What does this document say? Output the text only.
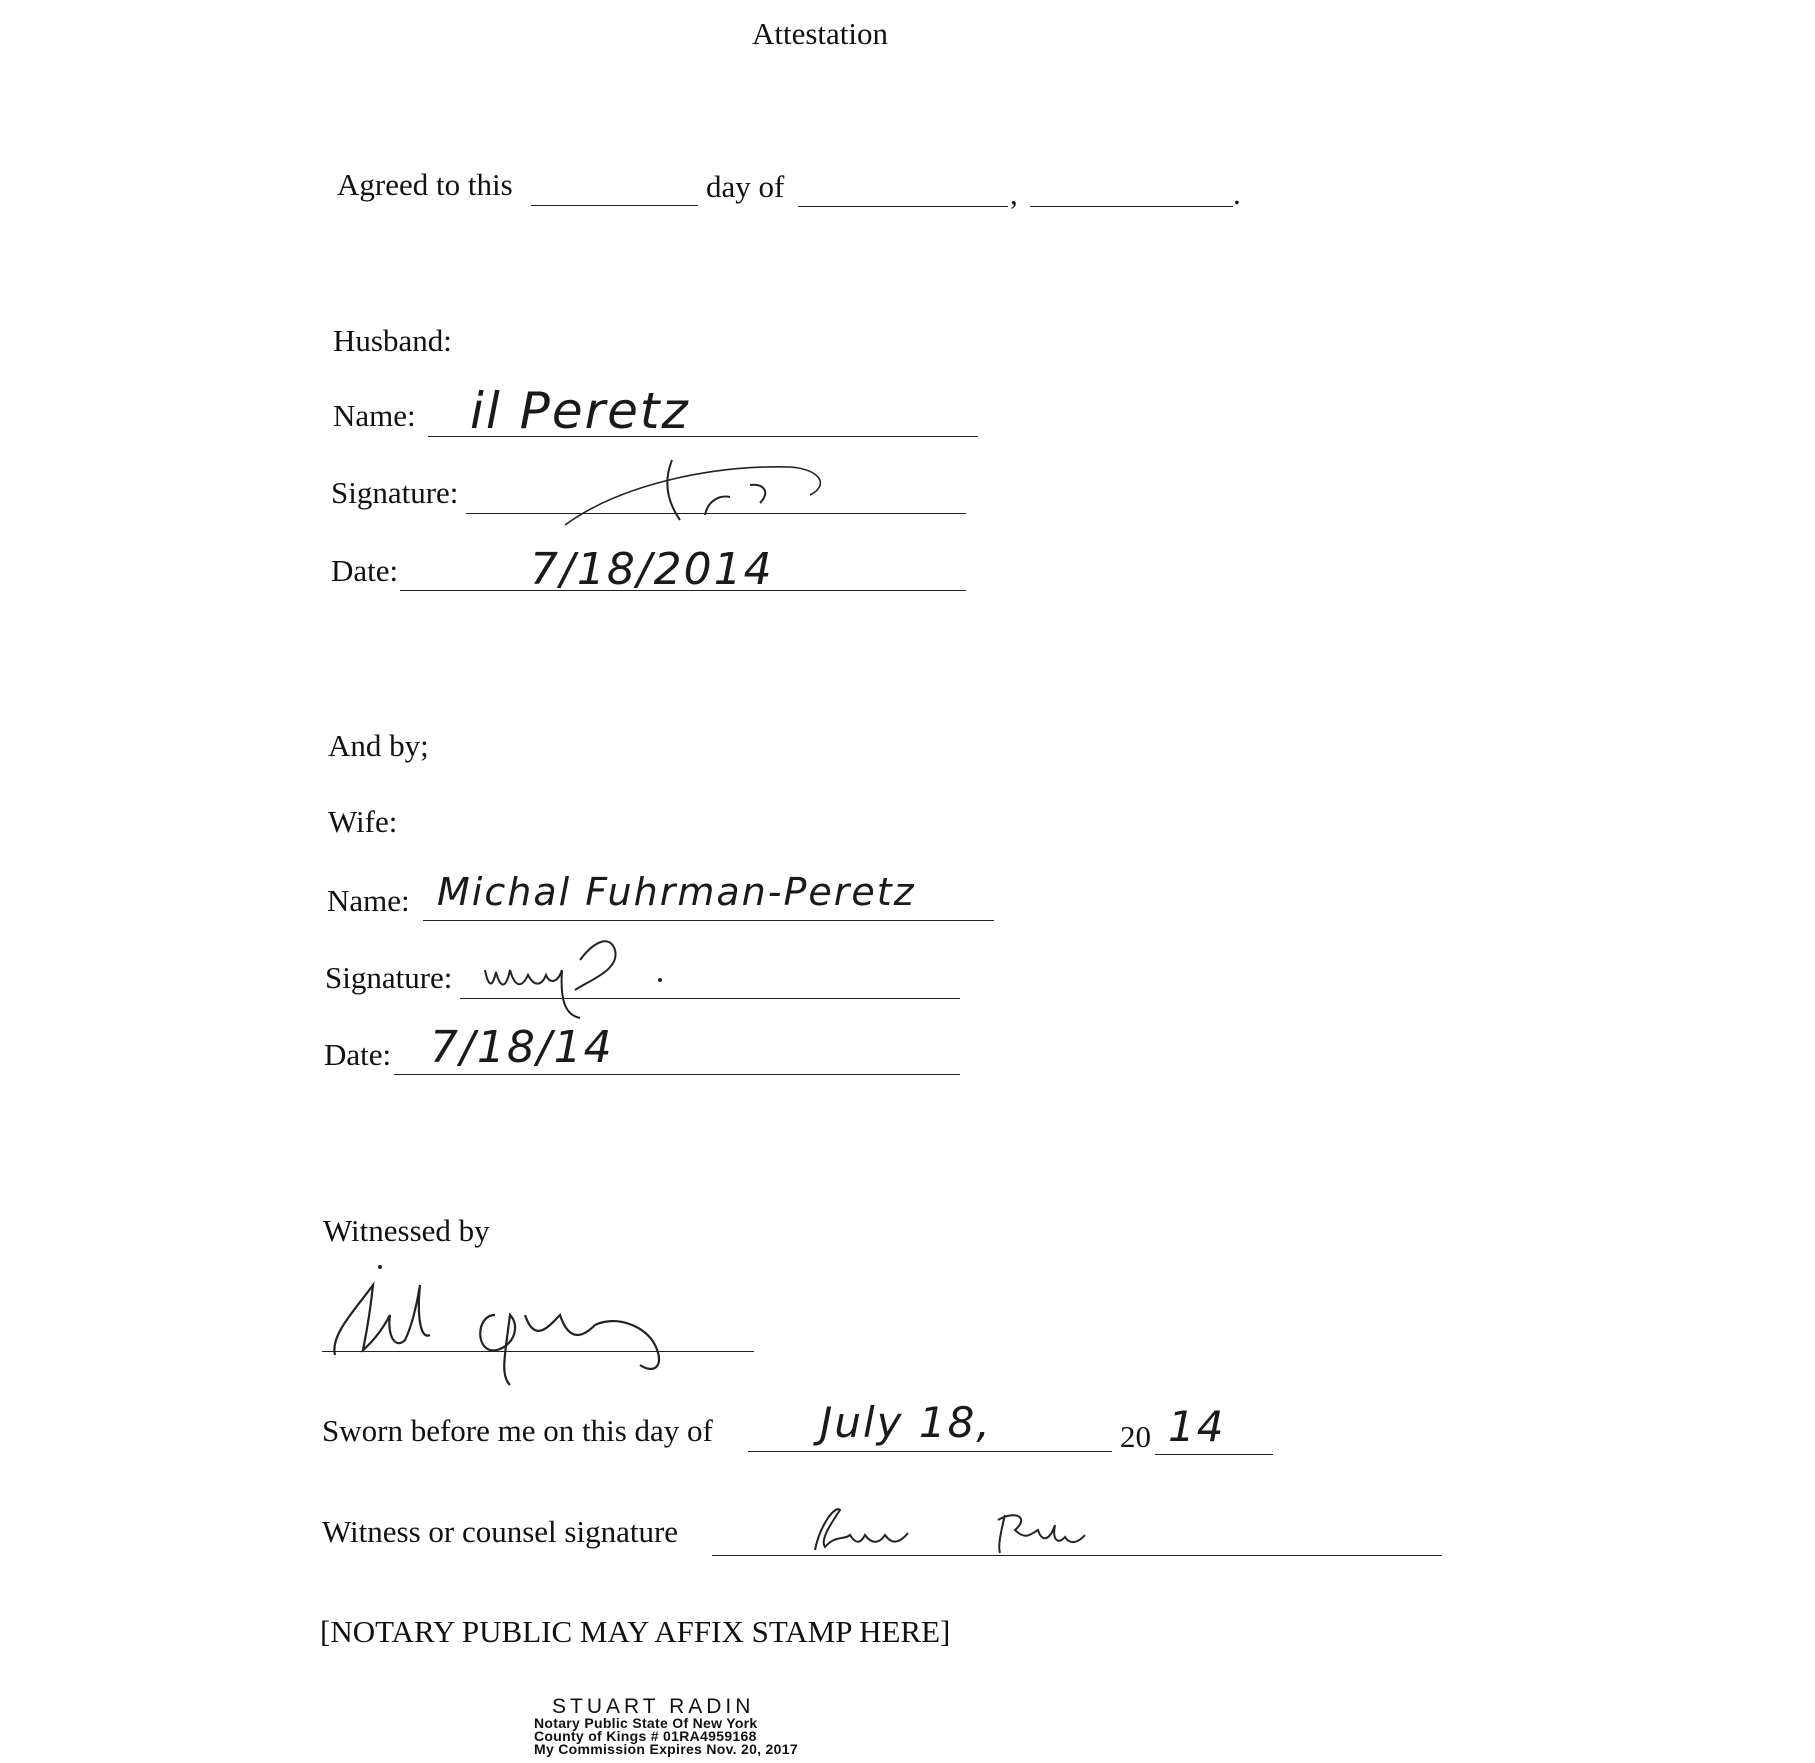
Attestation
Agreed to this	day of	,	.
Husband:
Name: il Peretz
Signature:
Date:	7/18/2014
And by;
Wife:
Name: Michal Fuhrman-Peretz
Signature:
Date: 7/18/14
Witnessed by
Sworn before me on this day of	July 18,	20 14
Witness or counsel signature
[NOTARY PUBLIC MAY AFFIX STAMP HERE]
STUART RADIN
Notary Public State Of New York
County of Kings # 01RA4959168
My Commission Expires Nov. 20, 2017
